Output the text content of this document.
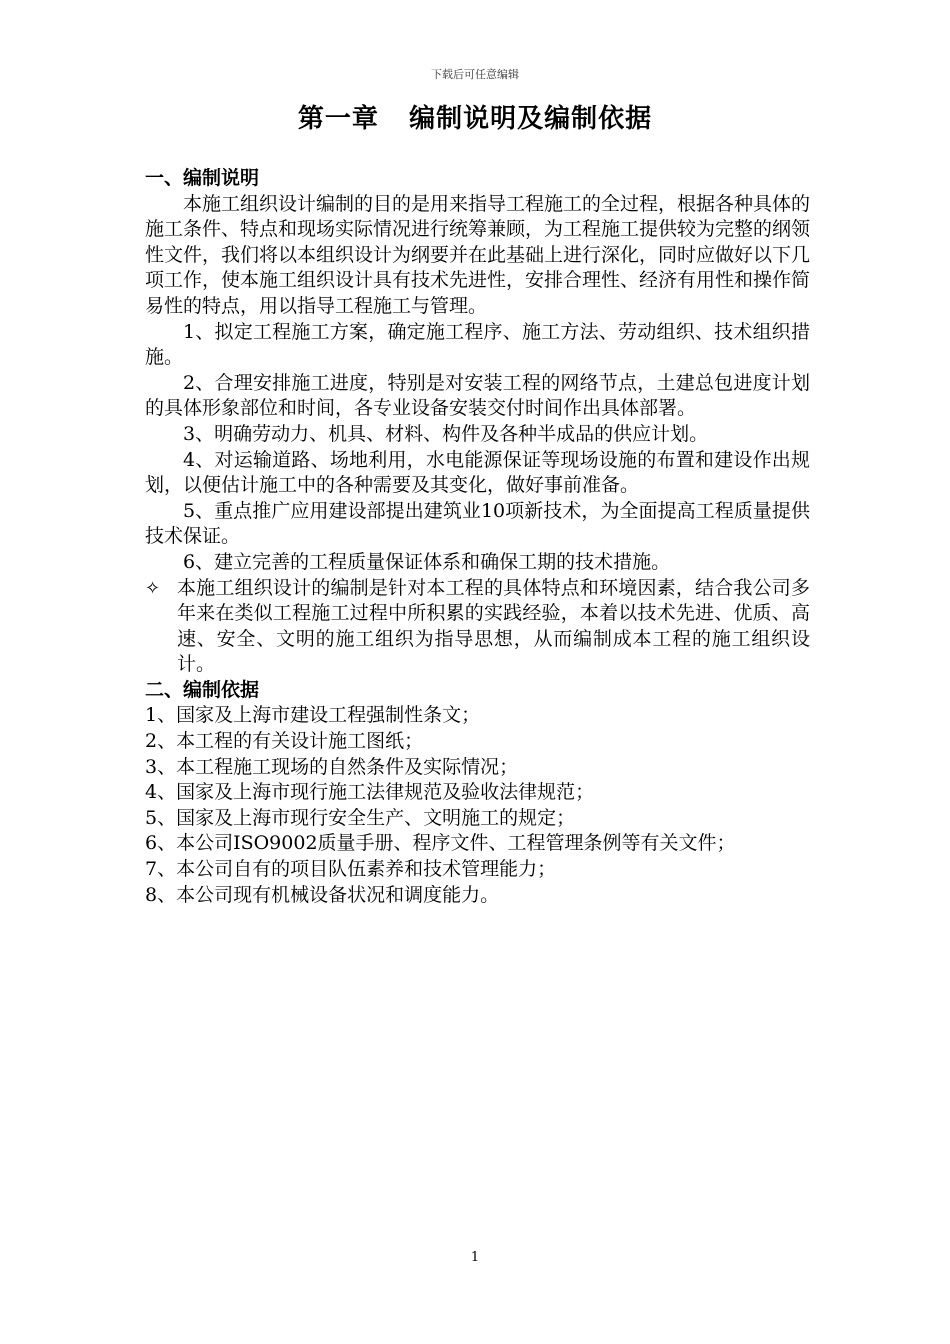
下载后可任意编辑
第一章   编制说明及编制依据
一、编制说明

本施工组织设计编制的目的是用来指导工程施工的全过程，根据各种具体的施工条件、特点和现场实际情况进行统筹兼顾，为工程施工提供较为完整的纲领性文件，我们将以本组织设计为纲要并在此基础上进行深化，同时应做好以下几项工作，使本施工组织设计具有技术先进性，安排合理性、经济有用性和操作简易性的特点，用以指导工程施工与管理。

1、拟定工程施工方案，确定施工程序、施工方法、劳动组织、技术组织措施。

2、合理安排施工进度，特别是对安装工程的网络节点，土建总包进度计划的具体形象部位和时间，各专业设备安装交付时间作出具体部署。

3、明确劳动力、机具、材料、构件及各种半成品的供应计划。

4、对运输道路、场地利用，水电能源保证等现场设施的布置和建设作出规划，以便估计施工中的各种需要及其变化，做好事前准备。

5、重点推广应用建设部提出建筑业10项新技术，为全面提高工程质量提供技术保证。

6、建立完善的工程质量保证体系和确保工期的技术措施。

✧ 本施工组织设计的编制是针对本工程的具体特点和环境因素，结合我公司多年来在类似工程施工过程中所积累的实践经验，本着以技术先进、优质、高速、安全、文明的施工组织为指导思想，从而编制成本工程的施工组织设计。
二、编制依据
1、国家及上海市建设工程强制性条文；
2、本工程的有关设计施工图纸；
3、本工程施工现场的自然条件及实际情况；
4、国家及上海市现行施工法律规范及验收法律规范；
5、国家及上海市现行安全生产、文明施工的规定；
6、本公司ISO9002质量手册、程序文件、工程管理条例等有关文件；
7、本公司自有的项目队伍素养和技术管理能力；
8、本公司现有机械设备状况和调度能力。
1
